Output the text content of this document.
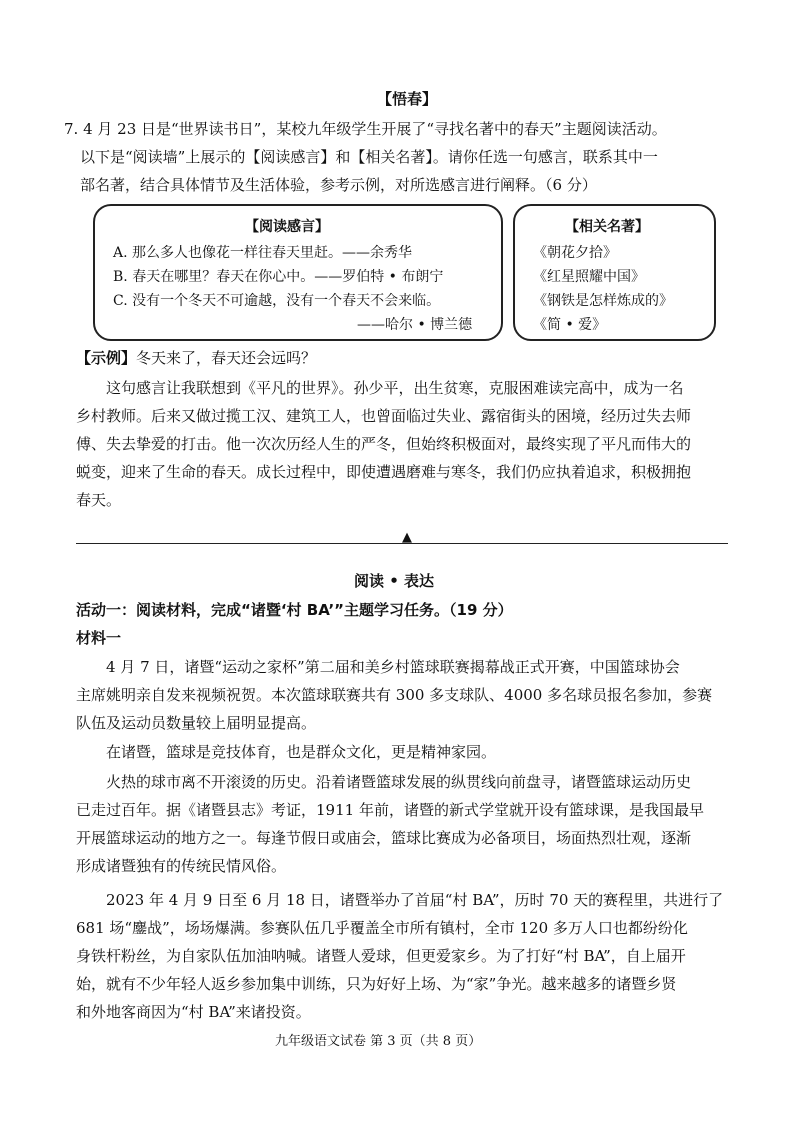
【悟春】
7. 4 月 23 日是“世界读书日”，某校九年级学生开展了“寻找名著中的春天”主题阅读活动。
以下是“阅读墙”上展示的【阅读感言】和【相关名著】。请你任选一句感言，联系其中一
部名著，结合具体情节及生活体验，参考示例，对所选感言进行阐释。（6 分）
【阅读感言】
A. 那么多人也像花一样往春天里赶。——余秀华
B. 春天在哪里？春天在你心中。——罗伯特 • 布朗宁
C. 没有一个冬天不可逾越，没有一个春天不会来临。
——哈尔 • 博兰德
【相关名著】
《朝花夕拾》
《红星照耀中国》
《钢铁是怎样炼成的》
《简 • 爱》
【示例】冬天来了，春天还会远吗？
这句感言让我联想到《平凡的世界》。孙少平，出生贫寒，克服困难读完高中，成为一名
乡村教师。后来又做过揽工汉、建筑工人，也曾面临过失业、露宿街头的困境，经历过失去师
傅、失去挚爱的打击。他一次次历经人生的严冬，但始终积极面对，最终实现了平凡而伟大的
蜕变，迎来了生命的春天。成长过程中，即使遭遇磨难与寒冬，我们仍应执着追求，积极拥抱
春天。
▲
阅读 • 表达
活动一：阅读材料，完成“诸暨‘村 BA’”主题学习任务。（19 分）
材料一
4 月 7 日，诸暨“运动之家杯”第二届和美乡村篮球联赛揭幕战正式开赛，中国篮球协会
主席姚明亲自发来视频祝贺。本次篮球联赛共有 300 多支球队、4000 多名球员报名参加，参赛
队伍及运动员数量较上届明显提高。
在诸暨，篮球是竞技体育，也是群众文化，更是精神家园。
火热的球市离不开滚烫的历史。沿着诸暨篮球发展的纵贯线向前盘寻，诸暨篮球运动历史
已走过百年。据《诸暨县志》考证，1911 年前，诸暨的新式学堂就开设有篮球课，是我国最早
开展篮球运动的地方之一。每逢节假日或庙会，篮球比赛成为必备项目，场面热烈壮观，逐渐
形成诸暨独有的传统民情风俗。
2023 年 4 月 9 日至 6 月 18 日，诸暨举办了首届“村 BA”，历时 70 天的赛程里，共进行了
681 场“鏖战”，场场爆满。参赛队伍几乎覆盖全市所有镇村，全市 120 多万人口也都纷纷化
身铁杆粉丝，为自家队伍加油呐喊。诸暨人爱球，但更爱家乡。为了打好“村 BA”，自上届开
始，就有不少年轻人返乡参加集中训练，只为好好上场、为“家”争光。越来越多的诸暨乡贤
和外地客商因为“村 BA”来诸投资。
九年级语文试卷 第 3 页（共 8 页）
